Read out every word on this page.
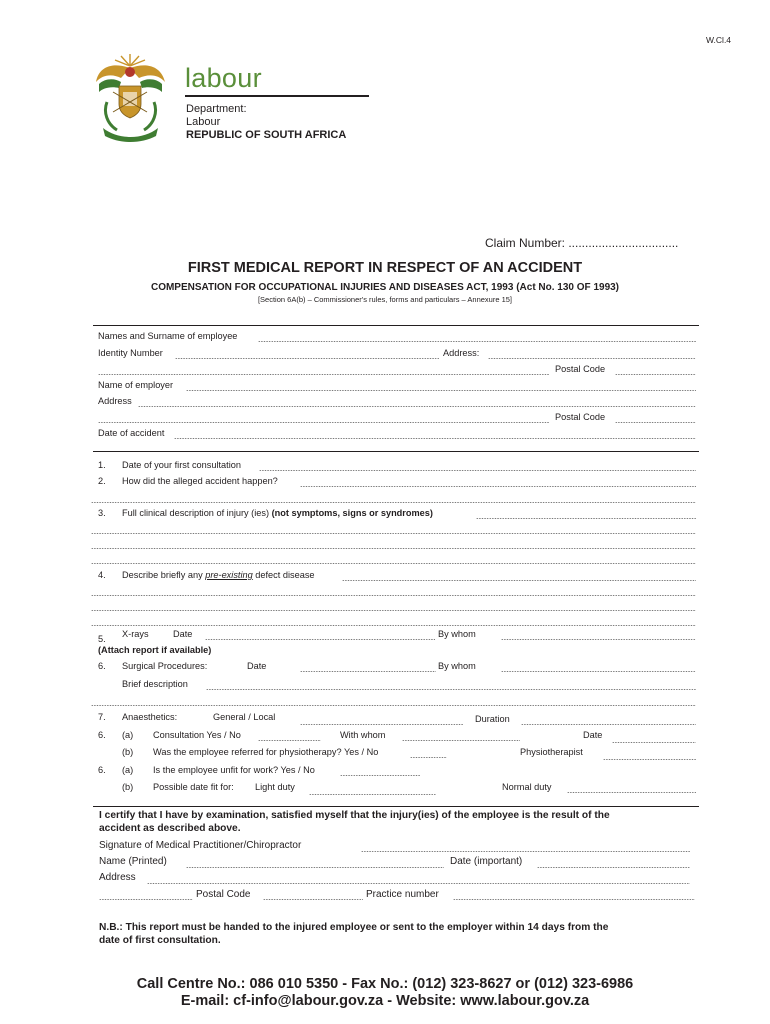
W.Cl.4
labour
Department:
Labour
REPUBLIC OF SOUTH AFRICA
Claim Number: .................................
FIRST MEDICAL REPORT IN RESPECT OF AN ACCIDENT
COMPENSATION FOR OCCUPATIONAL INJURIES AND DISEASES ACT, 1993 (Act No. 130 OF 1993)
[Section 6A(b) – Commissioner's rules, forms and particulars – Annexure 15]
Names and Surname of employee
Identity Number	Address:
Postal Code
Name of employer
Address
Postal Code
Date of accident
1. Date of your first consultation
2. How did the alleged accident happen?
3. Full clinical description of injury (ies) (not symptoms, signs or syndromes)
4. Describe briefly any pre-existing defect disease
5. X-rays	Date	By whom
(Attach report if available)
6. Surgical Procedures:	Date	By whom
Brief description
7. Anaesthetics:	General / Local	Duration
6. (a) Consultation Yes / No	With whom	Date
(b) Was the employee referred for physiotherapy? Yes / No	Physiotherapist
6. (a) Is the employee unfit for work? Yes / No
(b) Possible date fit for: Light duty	Normal duty
I certify that I have by examination, satisfied myself that the injury(ies) of the employee is the result of the
accident as described above.
Signature of Medical Practitioner/Chiropractor
Name (Printed)	Date (important)
Address
Postal Code	Practice number
N.B.: This report must be handed to the injured employee or sent to the employer within 14 days from the
date of first consultation.
Call Centre No.: 086 010 5350 - Fax No.: (012) 323-8627 or (012) 323-6986
E-mail: cf-info@labour.gov.za - Website: www.labour.gov.za
